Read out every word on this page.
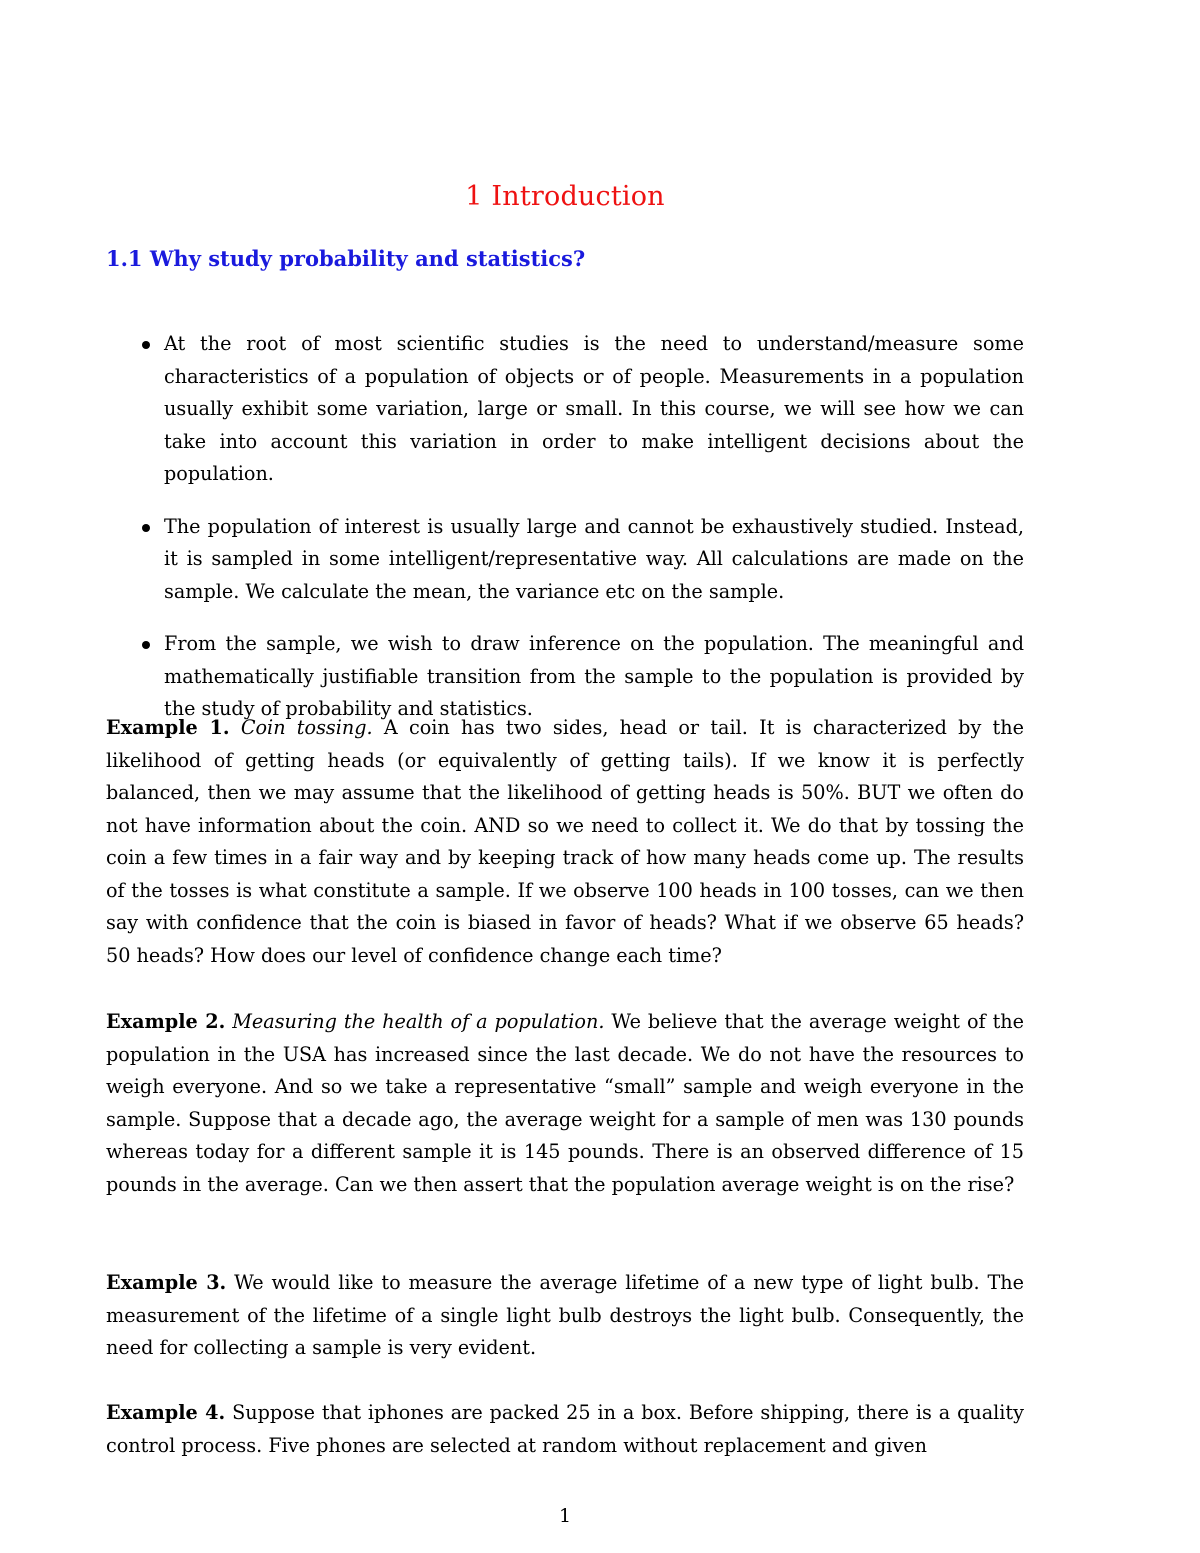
1 Introduction
1.1 Why study probability and statistics?
At the root of most scientific studies is the need to understand/measure some characteristics of a population of objects or of people. Measurements in a population usually exhibit some variation, large or small. In this course, we will see how we can take into account this variation in order to make intelligent decisions about the population.
The population of interest is usually large and cannot be exhaustively studied. Instead, it is sampled in some intelligent/representative way. All calculations are made on the sample. We calculate the mean, the variance etc on the sample.
From the sample, we wish to draw inference on the population. The meaningful and mathematically justifiable transition from the sample to the population is provided by the study of probability and statistics.

Example 1. Coin tossing. A coin has two sides, head or tail. It is characterized by the likelihood of getting heads (or equivalently of getting tails). If we know it is perfectly balanced, then we may assume that the likelihood of getting heads is 50%. BUT we often do not have information about the coin. AND so we need to collect it. We do that by tossing the coin a few times in a fair way and by keeping track of how many heads come up. The results of the tosses is what constitute a sample. If we observe 100 heads in 100 tosses, can we then say with confidence that the coin is biased in favor of heads? What if we observe 65 heads? 50 heads? How does our level of confidence change each time?

Example 2. Measuring the health of a population. We believe that the average weight of the population in the USA has increased since the last decade. We do not have the resources to weigh everyone. And so we take a representative “small” sample and weigh everyone in the sample. Suppose that a decade ago, the average weight for a sample of men was 130 pounds whereas today for a different sample it is 145 pounds. There is an observed difference of 15 pounds in the average. Can we then assert that the population average weight is on the rise?

Example 3. We would like to measure the average lifetime of a new type of light bulb. The measurement of the lifetime of a single light bulb destroys the light bulb. Consequently, the need for collecting a sample is very evident.

Example 4. Suppose that iphones are packed 25 in a box. Before shipping, there is a quality control process. Five phones are selected at random without replacement and given

1
